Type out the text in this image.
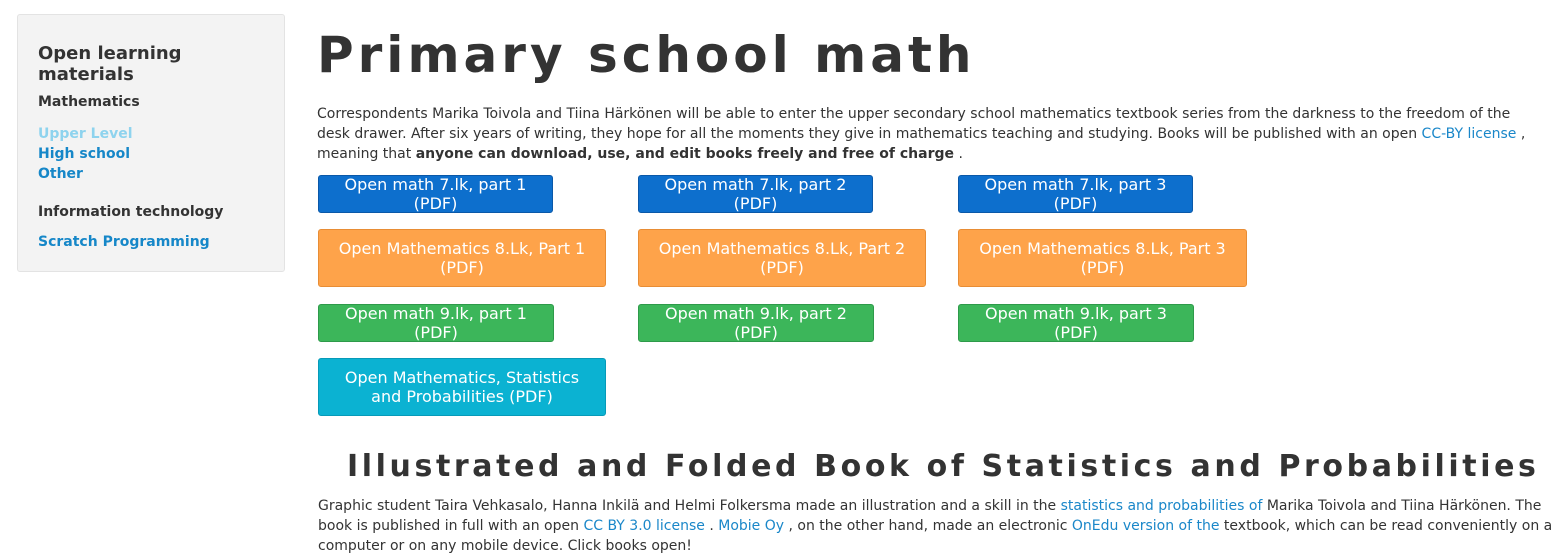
Open learning materials
Mathematics
Upper Level
High school
Other
Information technology
Scratch Programming
Primary school math
Correspondents Marika Toivola and Tiina Härkönen will be able to enter the upper secondary school mathematics textbook series from the darkness to the freedom of the desk drawer. After six years of writing, they hope for all the moments they give in mathematics teaching and studying. Books will be published with an open CC-BY license , meaning that anyone can download, use, and edit books freely and free of charge .
Open math 7.lk, part 1 (PDF)
Open math 7.lk, part 2 (PDF)
Open math 7.lk, part 3 (PDF)
Open Mathematics 8.Lk, Part 1 (PDF)
Open Mathematics 8.Lk, Part 2 (PDF)
Open Mathematics 8.Lk, Part 3 (PDF)
Open math 9.lk, part 1 (PDF)
Open math 9.lk, part 2 (PDF)
Open math 9.lk, part 3 (PDF)
Open Mathematics, Statistics and Probabilities (PDF)
Illustrated and Folded Book of Statistics and Probabilities
Graphic student Taira Vehkasalo, Hanna Inkilä and Helmi Folkersma made an illustration and a skill in the statistics and probabilities of Marika Toivola and Tiina Härkönen. The book is published in full with an open CC BY 3.0 license . Mobie Oy , on the other hand, made an electronic OnEdu version of the textbook, which can be read conveniently on a computer or on any mobile device. Click books open!
